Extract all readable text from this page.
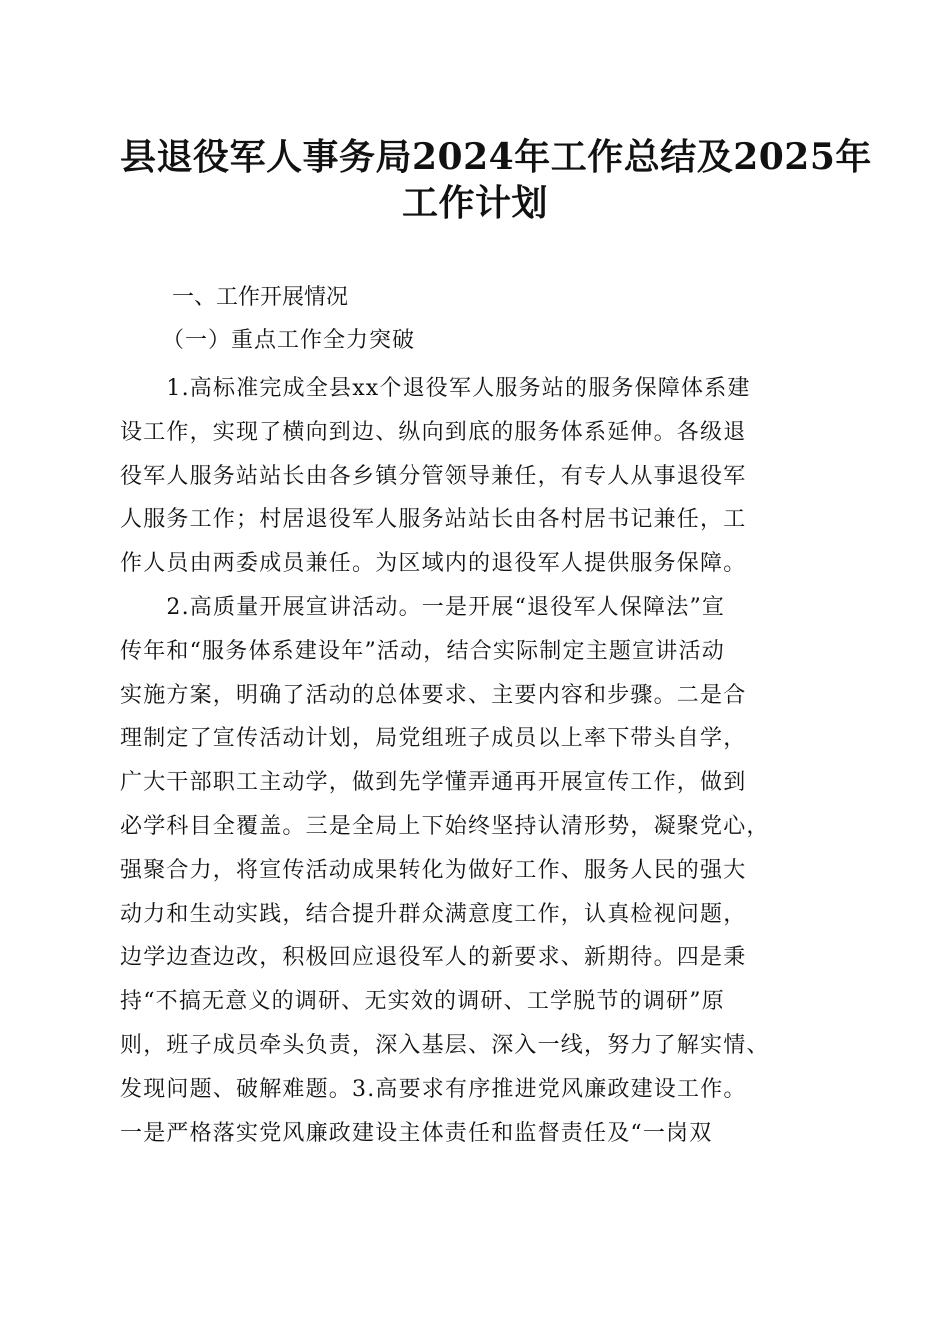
县退役军人事务局2024年工作总结及2025年
工作计划
一、工作开展情况
（一）重点工作全力突破
　　1.高标准完成全县xx个退役军人服务站的服务保障体系建
设工作，实现了横向到边、纵向到底的服务体系延伸。各级退
役军人服务站站长由各乡镇分管领导兼任，有专人从事退役军
人服务工作；村居退役军人服务站站长由各村居书记兼任，工
作人员由两委成员兼任。为区域内的退役军人提供服务保障。
　　2.高质量开展宣讲活动。一是开展“退役军人保障法”宣
传年和“服务体系建设年”活动，结合实际制定主题宣讲活动
实施方案，明确了活动的总体要求、主要内容和步骤。二是合
理制定了宣传活动计划，局党组班子成员以上率下带头自学，
广大干部职工主动学，做到先学懂弄通再开展宣传工作，做到
必学科目全覆盖。三是全局上下始终坚持认清形势，凝聚党心，
强聚合力，将宣传活动成果转化为做好工作、服务人民的强大
动力和生动实践，结合提升群众满意度工作，认真检视问题，
边学边查边改，积极回应退役军人的新要求、新期待。四是秉
持“不搞无意义的调研、无实效的调研、工学脱节的调研”原
则，班子成员牵头负责，深入基层、深入一线，努力了解实情、
发现问题、破解难题。3.高要求有序推进党风廉政建设工作。
一是严格落实党风廉政建设主体责任和监督责任及“一岗双
